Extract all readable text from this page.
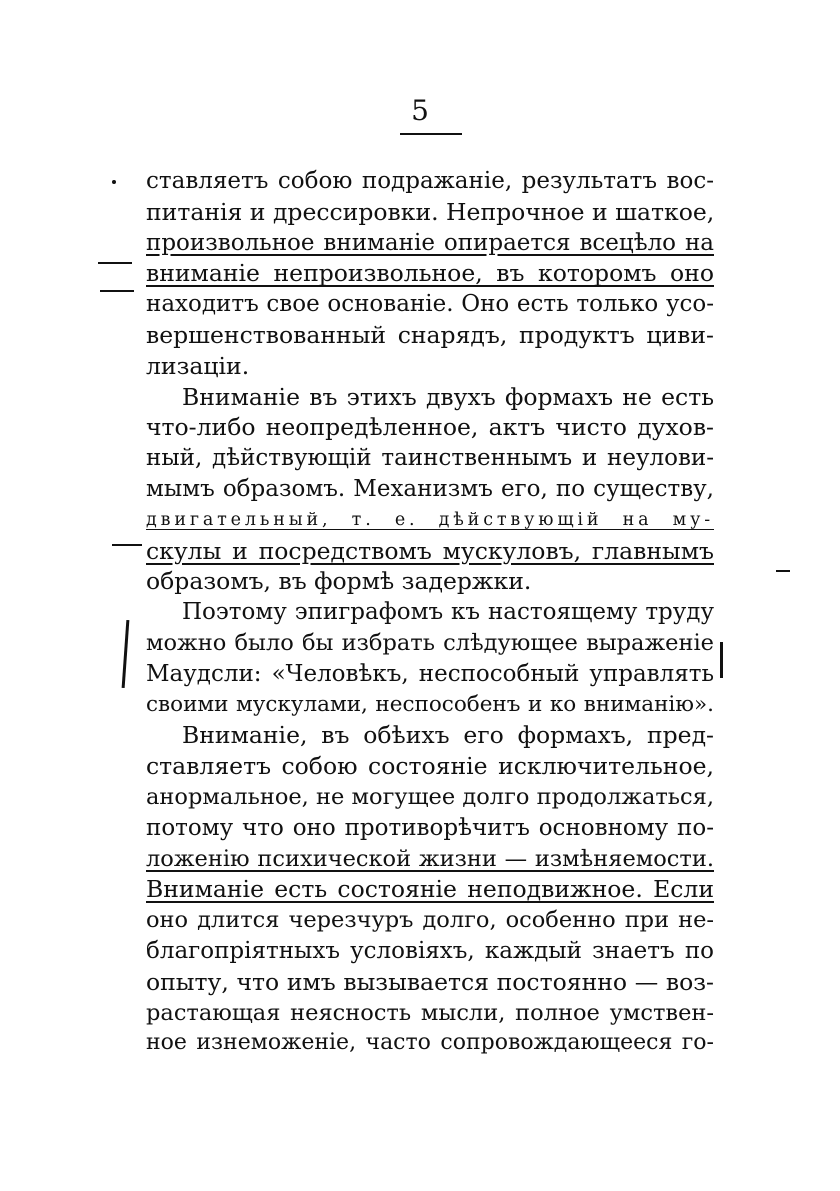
5
ставляетъ собою подражаніе, результатъ вос-
питанія и дрессировки. Непрочное и шаткое,
произвольное вниманіе опирается всецѣло на
вниманіе непроизвольное, въ которомъ оно
находитъ свое основаніе. Оно есть только усо-
вершенствованный снарядъ, продуктъ циви-
лизаціи.
Вниманіе въ этихъ двухъ формахъ не есть
что-либо неопредѣленное, актъ чисто духов-
ный, дѣйствующій таинственнымъ и неулови-
мымъ образомъ. Механизмъ его, по существу,
двигательный, т. е. дѣйствующій на му-
скулы и посредствомъ мускуловъ, главнымъ
образомъ, въ формѣ задержки.
Поэтому эпиграфомъ къ настоящему труду
можно было бы избрать слѣдующее выраженіе
Маудсли: «Человѣкъ, неспособный управлять
своими мускулами, неспособенъ и ко вниманію».
Вниманіе, въ обѣихъ его формахъ, пред-
ставляетъ собою состояніе исключительное,
анормальное, не могущее долго продолжаться,
потому что оно противорѣчитъ основному по-
ложенію психической жизни — измѣняемости.
Вниманіе есть состояніе неподвижное. Если
оно длится черезчуръ долго, особенно при не-
благопріятныхъ условіяхъ, каждый знаетъ по
опыту, что имъ вызывается постоянно — воз-
растающая неясность мысли, полное умствен-
ное изнеможеніе, часто сопровождающееся го-
